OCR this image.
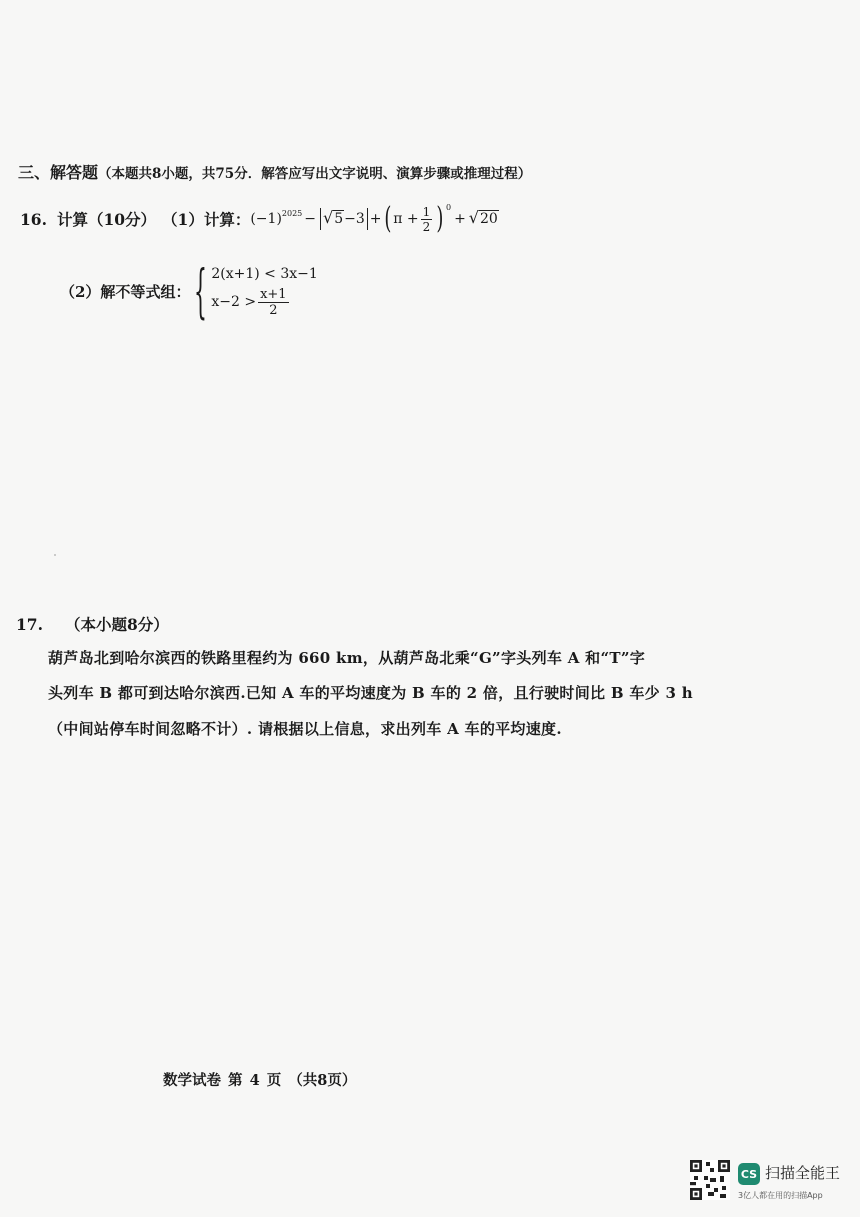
三、解答题（本题共8小题，共75分．解答应写出文字说明、演算步骤或推理过程）
16. 计算（10分） （1）计算： $(-1)^{2025}$ − √ 5 −3 + ( $\pi + \frac{1}{2}$ ) $^0$
+ √ 20
（2）解不等式组： { 2(x+1) < 3x−1
$x-2 > \frac{x+1}{2}$
17. （本小题8分）
葫芦岛北到哈尔滨西的铁路里程约为 660 km，从葫芦岛北乘“G”字头列车 A 和“T”字
头列车 B 都可到达哈尔滨西.已知 A 车的平均速度为 B 车的 2 倍，且行驶时间比 B 车少 3 h
（中间站停车时间忽略不计）. 请根据以上信息，求出列车 A 车的平均速度.
数学试卷 第 4 页 （共8页）
CS 扫描全能王
3亿人都在用的扫描App
